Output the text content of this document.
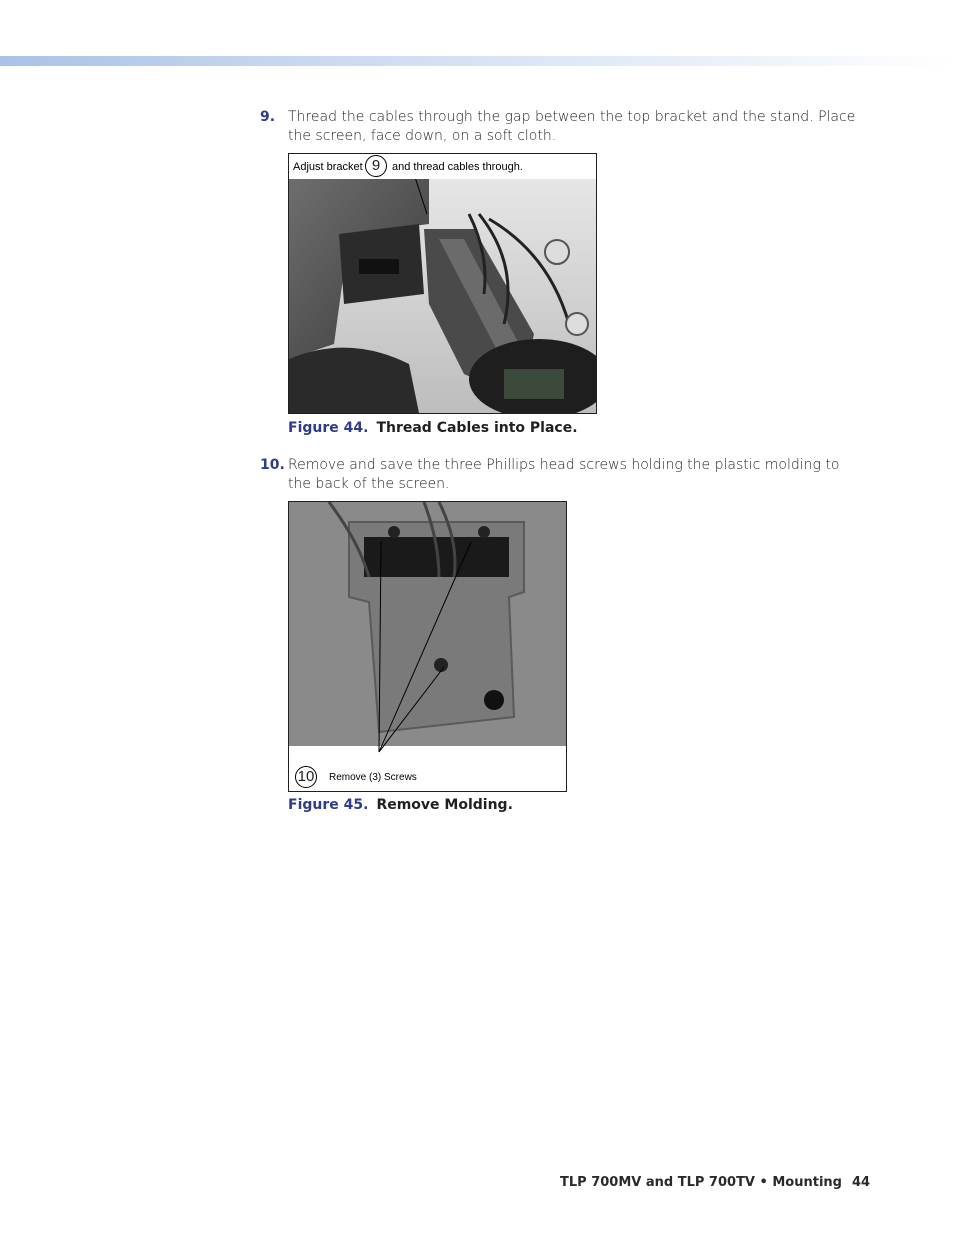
9. Thread the cables through the gap between the top bracket and the stand. Place the screen, face down, on a soft cloth.
Adjust bracket 9	and thread cables through.
Figure 44. Thread Cables into Place.
10. Remove and save the three Phillips head screws holding the plastic molding to the back of the screen.
10 Remove (3) Screws
Figure 45. Remove Molding.
TLP 700MV and TLP 700TV • Mounting 44
